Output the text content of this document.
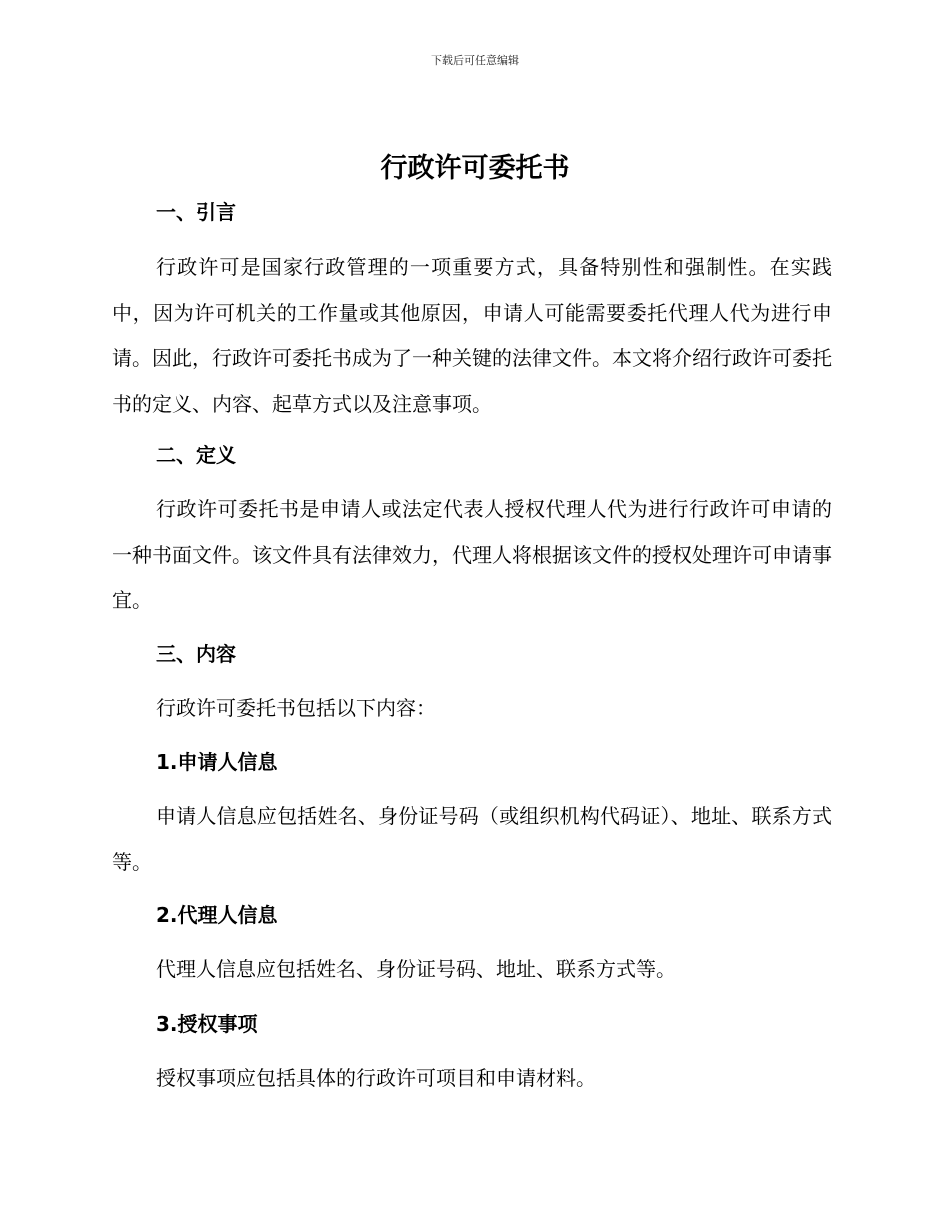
下载后可任意编辑
行政许可委托书
一、引言

行政许可是国家行政管理的一项重要方式，具备特别性和强制性。在实践中，因为许可机关的工作量或其他原因，申请人可能需要委托代理人代为进行申请。因此，行政许可委托书成为了一种关键的法律文件。本文将介绍行政许可委托书的定义、内容、起草方式以及注意事项。

二、定义

行政许可委托书是申请人或法定代表人授权代理人代为进行行政许可申请的一种书面文件。该文件具有法律效力，代理人将根据该文件的授权处理许可申请事宜。

三、内容

行政许可委托书包括以下内容：

1.申请人信息

申请人信息应包括姓名、身份证号码（或组织机构代码证）、地址、联系方式等。

2.代理人信息

代理人信息应包括姓名、身份证号码、地址、联系方式等。

3.授权事项

授权事项应包括具体的行政许可项目和申请材料。
